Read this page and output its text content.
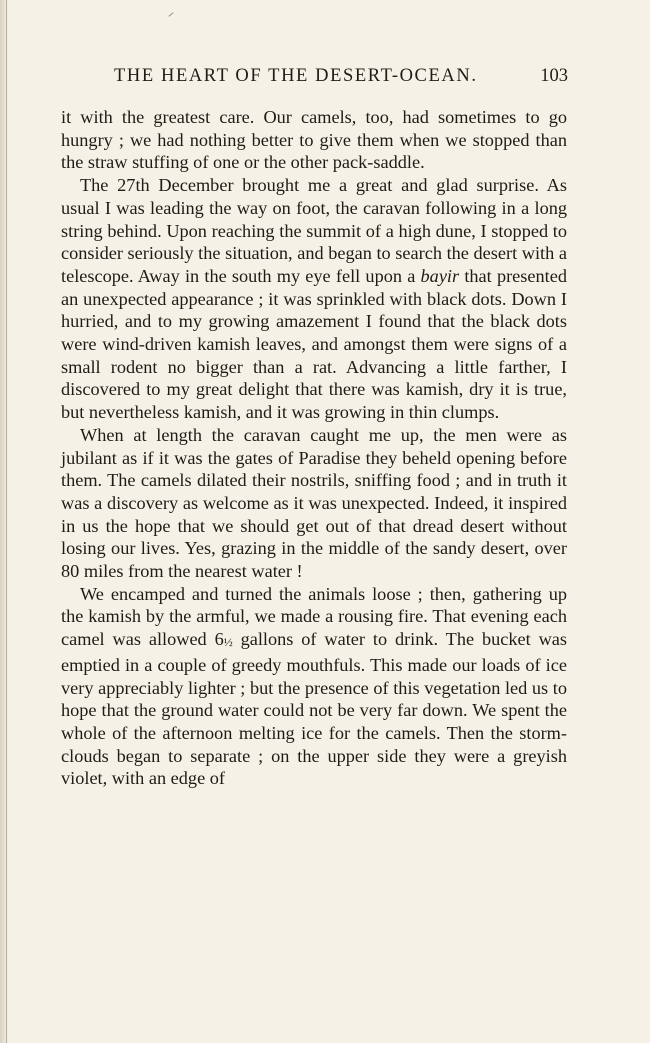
THE HEART OF THE DESERT-OCEAN.	103

it with the greatest care. Our camels, too, had sometimes to go hungry ; we had nothing better to give them when we stopped than the straw stuffing of one or the other pack-saddle.

The 27th December brought me a great and glad surprise. As usual I was leading the way on foot, the caravan following in a long string behind. Upon reaching the summit of a high dune, I stopped to consider seriously the situation, and began to search the desert with a telescope. Away in the south my eye fell upon a bayir that presented an unexpected appearance ; it was sprinkled with black dots. Down I hurried, and to my growing amazement I found that the black dots were wind-driven kamish leaves, and amongst them were signs of a small rodent no bigger than a rat. Advancing a little farther, I discovered to my great delight that there was kamish, dry it is true, but nevertheless kamish, and it was growing in thin clumps.

When at length the caravan caught me up, the men were as jubilant as if it was the gates of Paradise they beheld opening before them. The camels dilated their nostrils, sniffing food ; and in truth it was a discovery as welcome as it was unexpected. Indeed, it inspired in us the hope that we should get out of that dread desert without losing our lives. Yes, grazing in the middle of the sandy desert, over 80 miles from the nearest water !

We encamped and turned the animals loose ; then, gathering up the kamish by the armful, we made a rousing fire. That evening each camel was allowed 6½ gallons of water to drink. The bucket was emptied in a couple of greedy mouthfuls. This made our loads of ice very appreciably lighter ; but the presence of this vegetation led us to hope that the ground water could not be very far down. We spent the whole of the afternoon melting ice for the camels. Then the storm-clouds began to separate ; on the upper side they were a greyish violet, with an edge of
